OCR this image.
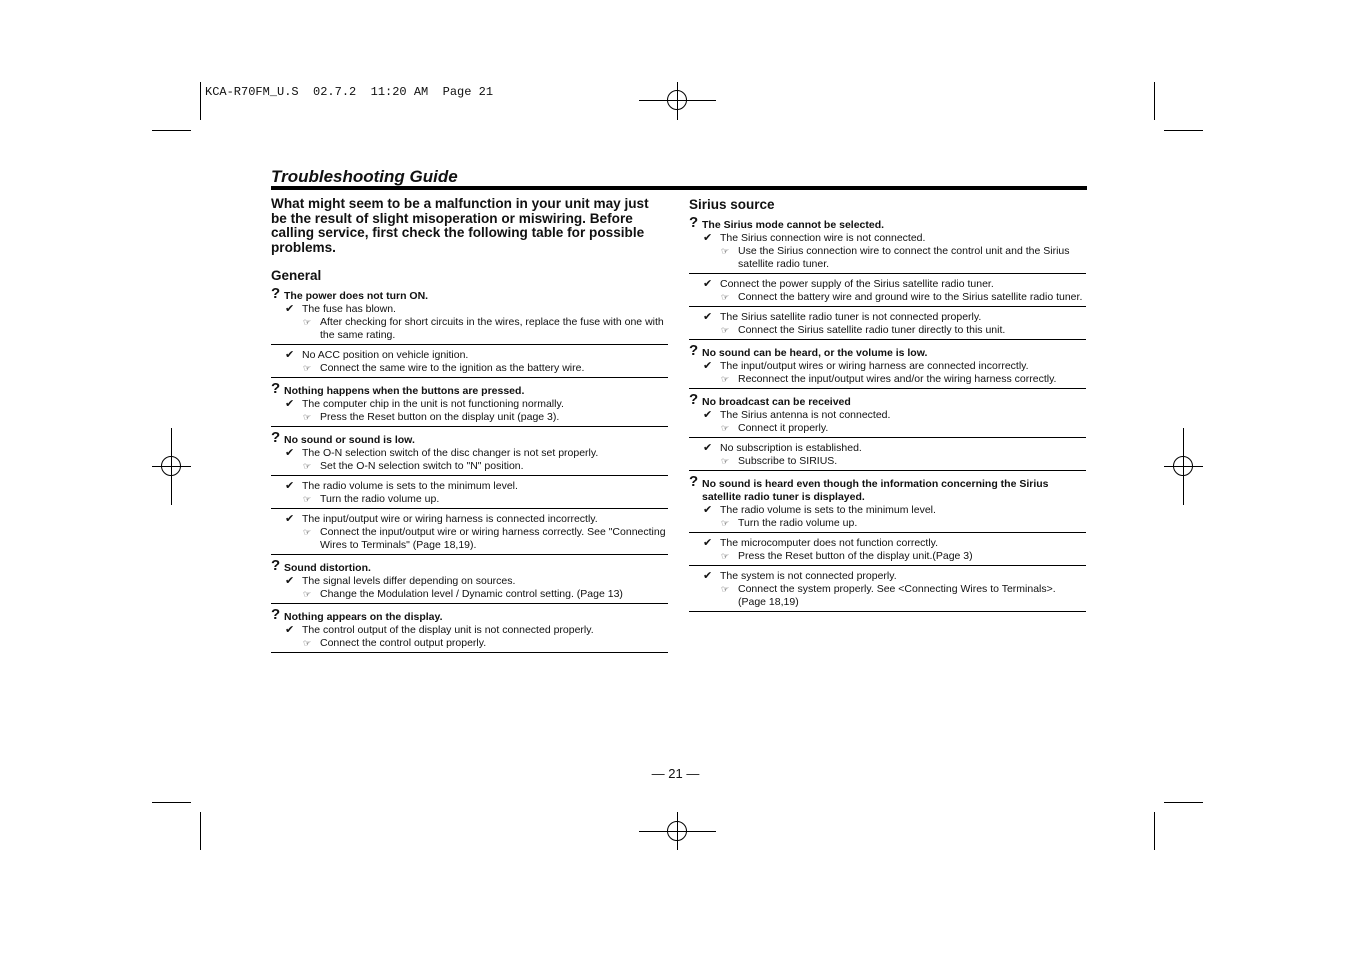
KCA-R70FM_U.S  02.7.2  11:20 AM  Page 21
Troubleshooting Guide
What might seem to be a malfunction in your unit may just be the result of slight misoperation or miswiring. Before calling service, first check the following table for possible problems.
General
? The power does not turn ON.
✔ The fuse has blown.
☞ After checking for short circuits in the wires, replace the fuse with one with the same rating.
✔ No ACC position on vehicle ignition.
☞ Connect the same wire to the ignition as the battery wire.
? Nothing happens when the buttons are pressed.
✔ The computer chip in the unit is not functioning normally.
☞ Press the Reset button on the display unit (page 3).
? No sound or sound is low.
✔ The O-N selection switch of the disc changer is not set properly.
☞ Set the O-N selection switch to "N" position.
✔ The radio volume is sets to the minimum level.
☞ Turn the radio volume up.
✔ The input/output wire or wiring harness is connected incorrectly.
☞ Connect the input/output wire or wiring harness correctly. See "Connecting Wires to Terminals" (Page 18,19).
? Sound distortion.
✔ The signal levels differ depending on sources.
☞ Change the Modulation level / Dynamic control setting. (Page 13)
? Nothing appears on the display.
✔ The control output of the display unit is not connected properly.
☞ Connect the control output properly.
Sirius source
? The Sirius mode cannot be selected.
✔ The Sirius connection wire is not connected.
☞ Use the Sirius connection wire to connect the control unit and the Sirius satellite radio tuner.
✔ Connect the power supply of the Sirius satellite radio tuner.
☞ Connect the battery wire and ground wire to the Sirius satellite radio tuner.
✔ The Sirius satellite radio tuner is not connected properly.
☞ Connect the Sirius satellite radio tuner directly to this unit.
? No sound can be heard, or the volume is low.
✔ The input/output wires or wiring harness are connected incorrectly.
☞ Reconnect the input/output wires and/or the wiring harness correctly.
? No broadcast can be received
✔ The Sirius antenna is not connected.
☞ Connect it properly.
✔ No subscription is established.
☞ Subscribe to SIRIUS.
? No sound is heard even though the information concerning the Sirius satellite radio tuner is displayed.
✔ The radio volume is sets to the minimum level.
☞ Turn the radio volume up.
✔ The microcomputer does not function correctly.
☞ Press the Reset button of the display unit.(Page 3)
✔ The system is not connected properly.
☞ Connect the system properly. See <Connecting Wires to Terminals>. (Page 18,19)
— 21 —
